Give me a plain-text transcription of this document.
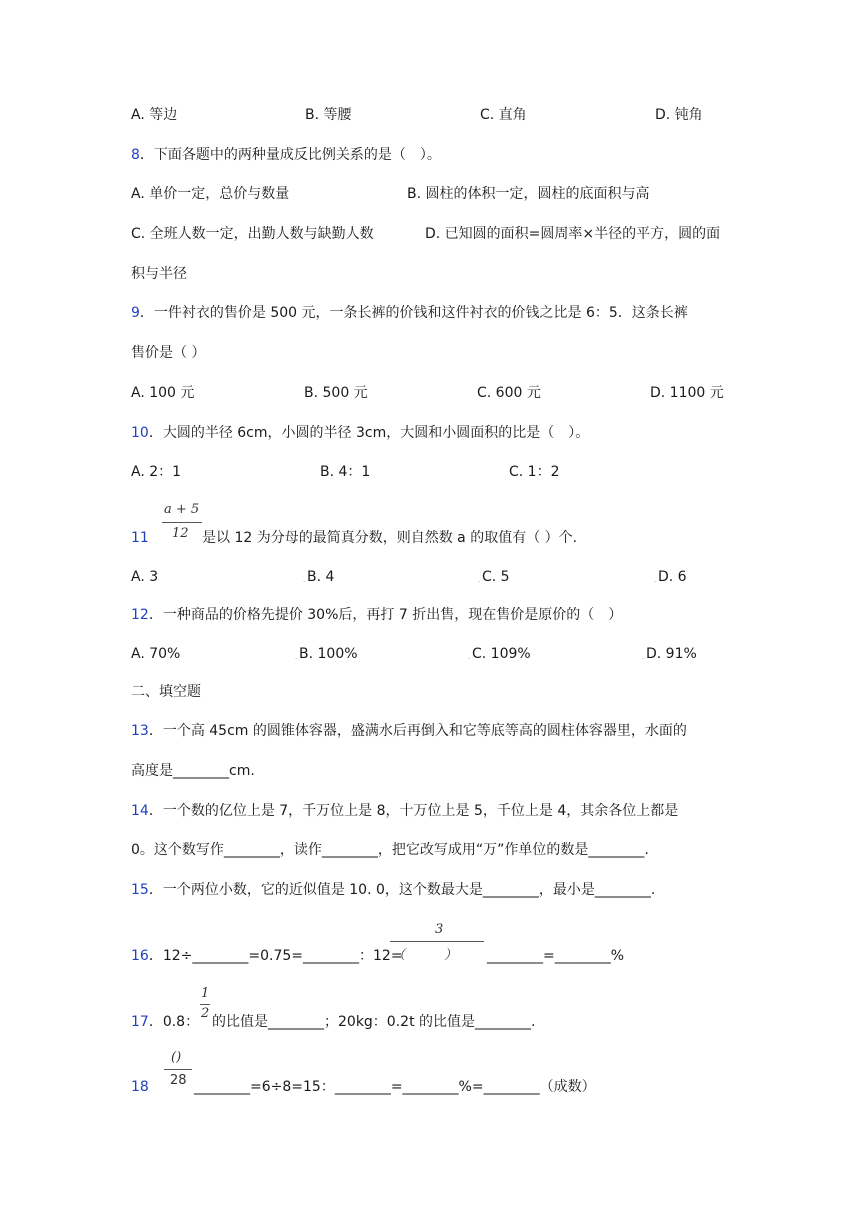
A. 等边	B. 等腰	C. 直角	D. 钝角
8．下面各题中的两种量成反比例关系的是（　）。
A. 单价一定，总价与数量	B. 圆柱的体积一定，圆柱的底面积与高
C. 全班人数一定，出勤人数与缺勤人数	D. 已知圆的面积=圆周率×半径的平方，圆的面
积与半径
9．一件衬衣的售价是 500 元，一条长裤的价钱和这件衬衣的价钱之比是 6：5．这条长裤
售价是（ ）
A. 100 元	B. 500 元	C. 600 元	D. 1100 元
10．大圆的半径 6cm，小圆的半径 3cm，大圆和小圆面积的比是（　）。
A. 2：1	B. 4：1	C. 1：2
a + 5
12
11	是以 12 为分母的最简真分数，则自然数 a 的取值有（ ）个.
A. 3	. B. 4	. C. 5	. D. 6
12．一种商品的价格先提价 30%后，再打 7 折出售，现在售价是原价的（　）
A. 70%	. B. 100%	. C. 109%	. D. 91%
二、填空题
13．一个高 45cm 的圆锥体容器，盛满水后再倒入和它等底等高的圆柱体容器里，水面的
高度是________cm.
14．一个数的亿位上是 7，千万位上是 8，十万位上是 5，千位上是 4，其余各位上都是
0。这个数写作________，读作________，把它改写成用“万”作单位的数是________.
15．一个两位小数，它的近似值是 10. 0，这个数最大是________，最小是________.
3
（　　　）
16．12÷________=0.75=________：12=	________=________%
1
2
17．0.8： 的比值是________；20kg：0.2t 的比值是________.
()
28
18	________=6÷8=15：________=________%=________（成数）
